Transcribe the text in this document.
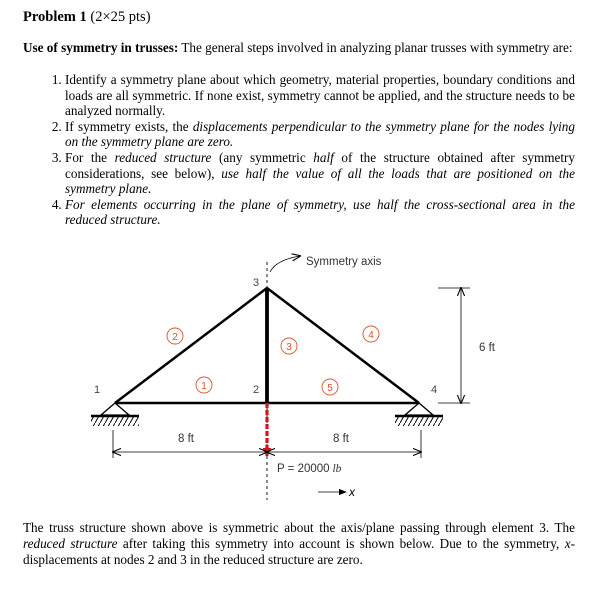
Problem 1 (2×25 pts)
Use of symmetry in trusses: The general steps involved in analyzing planar trusses with symmetry are:
1. Identify a symmetry plane about which geometry, material properties, boundary conditions and loads are all symmetric. If none exist, symmetry cannot be applied, and the structure needs to be analyzed normally.
2. If symmetry exists, the displacements perpendicular to the symmetry plane for the nodes lying on the symmetry plane are zero.
3. For the reduced structure (any symmetric half of the structure obtained after symmetry considerations, see below), use half the value of all the loads that are positioned on the symmetry plane.
4. For elements occurring in the plane of symmetry, use half the cross-sectional area in the reduced structure.
2
1
3
5
4
1	2
3
4
Symmetry axis
8 ft	8 ft
6 ft
P = 20000 lb
x
The truss structure shown above is symmetric about the axis/plane passing through element 3. The reduced structure after taking this symmetry into account is shown below. Due to the symmetry, x-displacements at nodes 2 and 3 in the reduced structure are zero.
